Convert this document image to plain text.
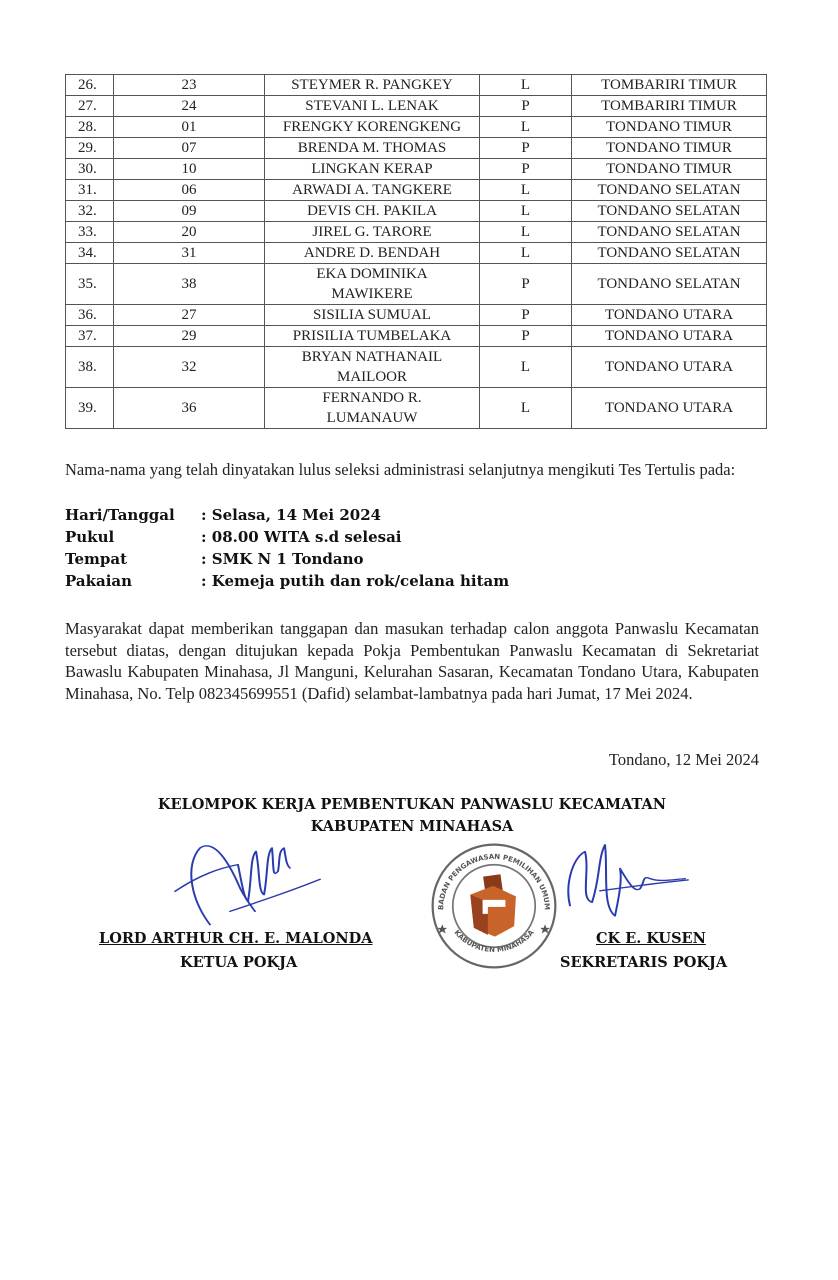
26.	23	STEYMER R. PANGKEY	L	TOMBARIRI TIMUR
27.	24	STEVANI L. LENAK	P	TOMBARIRI TIMUR
28.	01	FRENGKY KORENGKENG	L	TONDANO TIMUR
29.	07	BRENDA M. THOMAS	P	TONDANO TIMUR
30.	10	LINGKAN KERAP	P	TONDANO TIMUR
31.	06	ARWADI A. TANGKERE	L	TONDANO SELATAN
32.	09	DEVIS CH. PAKILA	L	TONDANO SELATAN
33.	20	JIREL G. TARORE	L	TONDANO SELATAN
34.	31	ANDRE D. BENDAH	L	TONDANO SELATAN
35.	38	EKA DOMINIKA
MAWIKERE	P	TONDANO SELATAN
36.	27	SISILIA SUMUAL	P	TONDANO UTARA
37.	29	PRISILIA TUMBELAKA	P	TONDANO UTARA
38.	32	BRYAN NATHANAIL
MAILOOR	L	TONDANO UTARA
39.	36	FERNANDO R.
LUMANAUW	L	TONDANO UTARA
Nama-nama yang telah dinyatakan lulus seleksi administrasi selanjutnya mengikuti Tes Tertulis pada:
Hari/Tanggal	: Selasa, 14 Mei 2024
Pukul	: 08.00 WITA s.d selesai
Tempat	: SMK N 1 Tondano
Pakaian	: Kemeja putih dan rok/celana hitam
Masyarakat dapat memberikan tanggapan dan masukan terhadap calon anggota Panwaslu Kecamatan tersebut diatas, dengan ditujukan kepada Pokja Pembentukan Panwaslu Kecamatan di Sekretariat Bawaslu Kabupaten Minahasa, Jl Manguni, Kelurahan Sasaran, Kecamatan Tondano Utara, Kabupaten Minahasa, No. Telp 082345699551 (Dafid) selambat-lambatnya pada hari Jumat, 17 Mei 2024.
Tondano, 12 Mei 2024
KELOMPOK KERJA PEMBENTUKAN PANWASLU KECAMATAN
KABUPATEN MINAHASA
BADAN PENGAWASAN PEMILIHAN UMUM
KABUPATEN MINAHASA
LORD ARTHUR CH. E. MALONDA
KETUA POKJA
CK E. KUSEN
SEKRETARIS POKJA
